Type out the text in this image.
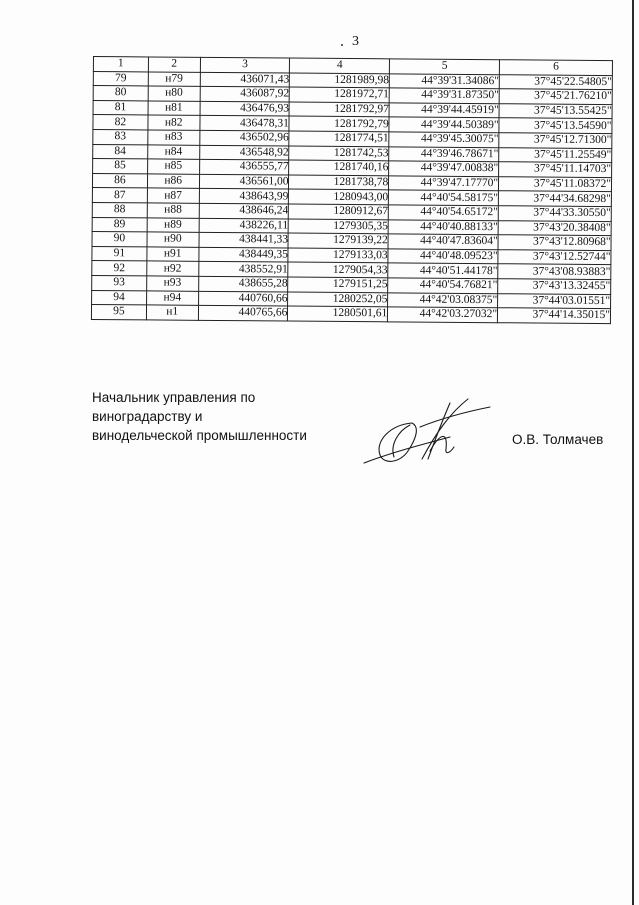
3
1	2	3	4	5	6
79	н79	436071,43	1281989,98	44°39'31.34086"	37°45'22.54805"
80	н80	436087,92	1281972,71	44°39'31.87350"	37°45'21.76210"
81	н81	436476,93	1281792,97	44°39'44.45919"	37°45'13.55425"
82	н82	436478,31	1281792,79	44°39'44.50389"	37°45'13.54590"
83	н83	436502,96	1281774,51	44°39'45.30075"	37°45'12.71300"
84	н84	436548,92	1281742,53	44°39'46.78671"	37°45'11.25549"
85	н85	436555,77	1281740,16	44°39'47.00838"	37°45'11.14703"
86	н86	436561,00	1281738,78	44°39'47.17770"	37°45'11.08372"
87	н87	438643,99	1280943,00	44°40'54.58175"	37°44'34.68298"
88	н88	438646,24	1280912,67	44°40'54.65172"	37°44'33.30550"
89	н89	438226,11	1279305,35	44°40'40.88133"	37°43'20.38408"
90	н90	438441,33	1279139,22	44°40'47.83604"	37°43'12.80968"
91	н91	438449,35	1279133,03	44°40'48.09523"	37°43'12.52744"
92	н92	438552,91	1279054,33	44°40'51.44178"	37°43'08.93883"
93	н93	438655,28	1279151,25	44°40'54.76821"	37°43'13.32455"
94	н94	440760,66	1280252,05	44°42'03.08375"	37°44'03.01551"
95	н1	440765,66	1280501,61	44°42'03.27032"	37°44'14.35015"
Начальник управления по
виноградарству и
винодельческой промышленности	О.В. Толмачев
